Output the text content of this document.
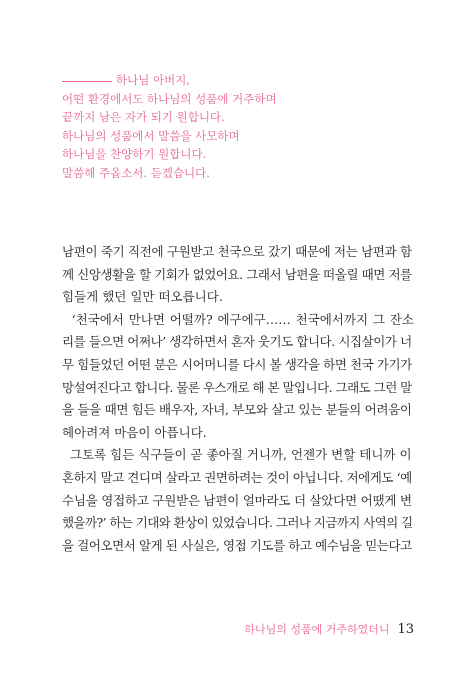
하나님 아버지,
어떤 환경에서도 하나님의 성품에 거주하며
끝까지 남은 자가 되기 원합니다.
하나님의 성품에서 말씀을 사모하며
하나님을 찬양하기 원합니다.
말씀해 주옵소서. 듣겠습니다.
남편이 죽기 직전에 구원받고 천국으로 갔기 때문에 저는 남편과 함
께 신앙생활을 할 기회가 없었어요. 그래서 남편을 떠올릴 때면 저를
힘들게 했던 일만 떠오릅니다.
‘천국에서 만나면 어떨까? 에구에구…… 천국에서까지 그 잔소
리를 들으면 어쩌나’ 생각하면서 혼자 웃기도 합니다. 시집살이가 너
무 힘들었던 어떤 분은 시어머니를 다시 볼 생각을 하면 천국 가기가
망설여진다고 합니다. 물론 우스개로 해 본 말입니다. 그래도 그런 말
을 들을 때면 힘든 배우자, 자녀, 부모와 살고 있는 분들의 어려움이
헤아려져 마음이 아픕니다.
그토록 힘든 식구들이 곧 좋아질 거니까, 언젠가 변할 테니까 이
혼하지 말고 견디며 살라고 권면하려는 것이 아닙니다. 저에게도 ‘예
수님을 영접하고 구원받은 남편이 얼마라도 더 살았다면 어땠게 변
했을까?’ 하는 기대와 환상이 있었습니다. 그러나 지금까지 사역의 길
을 걸어오면서 알게 된 사실은, 영접 기도를 하고 예수님을 믿는다고
하나님의 성품에 거주하였더니 13
